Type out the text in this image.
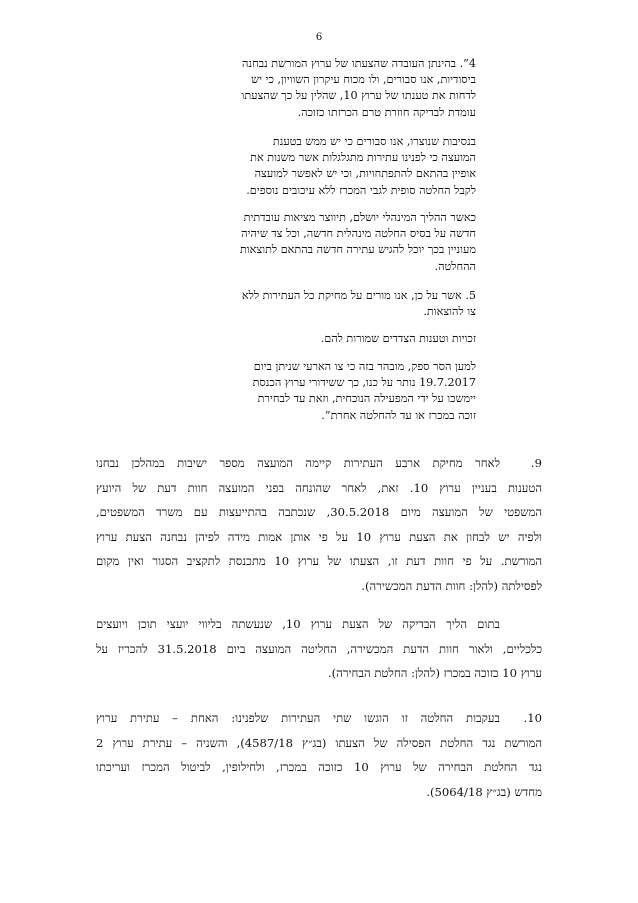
6

4”. בהינתן העובדה שהצעתו של ערוץ המורשת נבחנה

ביסודיות, אנו סבורים, ולו מכוח עיקרון השוויון, כי יש

לדחות את טענתו של ערוץ 10, שהלין על כך שהצעתו

עומדת לבדיקה חוזרת טרם הכרזתו כזוכה.

בנסיבות שנוצרו, אנו סבורים כי יש ממש בטענת

המועצה כי לפנינו עתירות מתגלגלות אשר משנות את

אופיין בהתאם להתפתחויות, וכי יש לאפשר למועצה

לקבל החלטה סופית לגבי המכרז ללא עיכובים נוספים.

כאשר ההליך המינהלי יושלם, תיווצר מציאות עובדתית

חדשה על בסיס החלטה מינהלית חדשה, וכל צד שיהיה

מעוניין בכך יוכל להגיש עתירה חדשה בהתאם לתוצאות

ההחלטה.

5. אשר על כן, אנו מורים על מחיקת כל העתירות ללא

צו להוצאות.

זכויות וטענות הצדדים שמורות להם.

למען הסר ספק, מובהר בזה כי צו הארעי שניתן ביום

19.7.2017 נותר על כנו, כך ששידורי ערוץ הכנסת

יימשכו על ידי המפעילה הנוכחית, וזאת עד לבחירת

זוכה במכרז או עד להחלטה אחרת”.

9.לאחר מחיקת ארבע העתירות קיימה המועצה מספר ישיבות במהלכן נבחנו

הטענות בעניין ערוץ 10. זאת, לאחר שהונחה בפני המועצה חוות דעת של היועץ

המשפטי של המועצה מיום 30.5.2018, שנכתבה בהתייעצות עם משרד המשפטים,

ולפיה יש לבחון את הצעת ערוץ 10 על פי אותן אמות מידה לפיהן נבחנה הצעת ערוץ

המורשת. על פי חוות דעת זו, הצעתו של ערוץ 10 מתכנסת לתקציב הסגור ואין מקום

לפסילתה (להלן: חוות הדעת המכשירה).

בתום הליך הבדיקה של הצעת ערוץ 10, שנעשתה בליווי יועצי תוכן ויועצים

כלכליים, ולאור חוות הדעת המכשירה, החליטה המועצה ביום 31.5.2018 להכריז על

ערוץ 10 כזוכה במכרז (להלן: החלטת הבחירה).

10.בעקבות החלטה זו הוגשו שתי העתירות שלפנינו: האחת – עתירת ערוץ

המורשת נגד החלטת הפסילה של הצעתו (בג״ץ 4587/18), והשניה – עתירת ערוץ 2

נגד החלטת הבחירה של ערוץ 10 כזוכה במכרז, ולחילופין, לביטול המכרז ועריכתו

מחדש (בג״ץ 5064/18).
